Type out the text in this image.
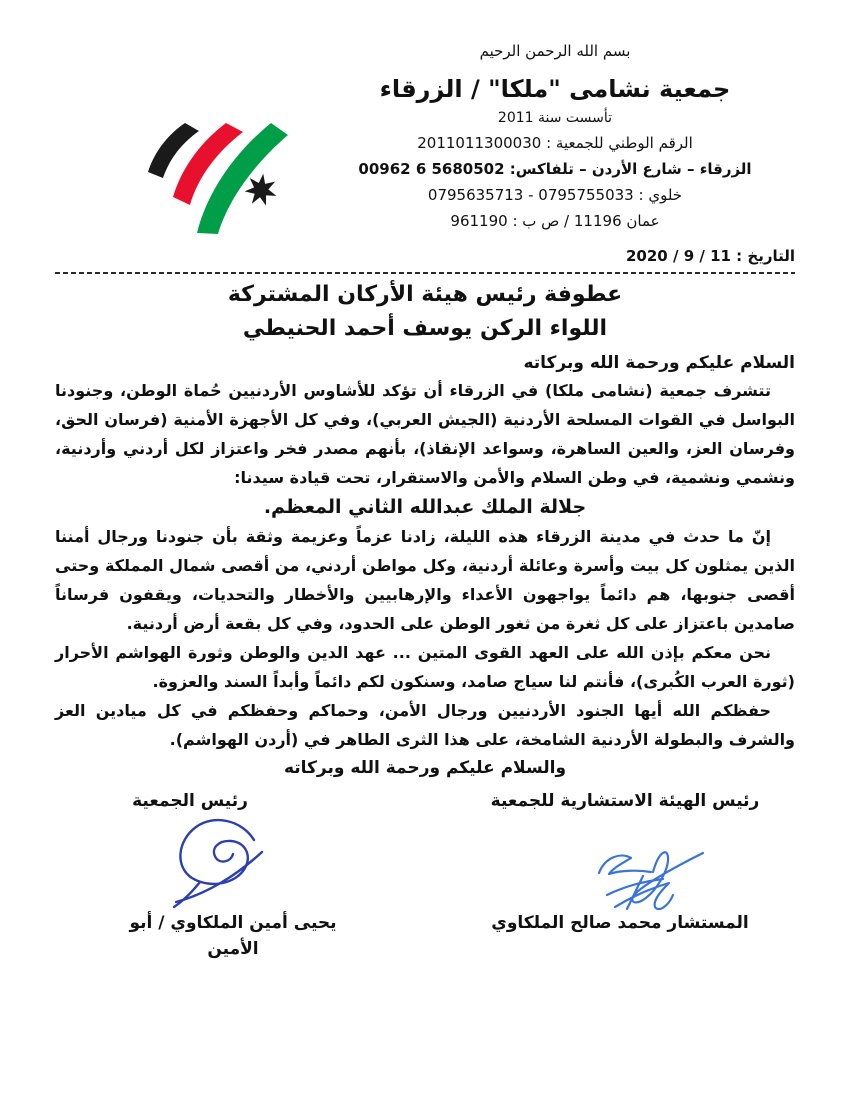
بسم الله الرحمن الرحيم
جمعية نشامى "ملكا" / الزرقاء
تأسست سنة 2011
الرقم الوطني للجمعية : 2011011300030
الزرقاء – شارع الأردن – تلفاكس: 00962 6 5680502
خلوي : 0795635713 - 0795755033
عمان 11196 / ص ب : 961190
التاريخ : 11 / 9 / 2020
عطوفة رئيس هيئة الأركان المشتركة
اللواء الركن يوسف أحمد الحنيطي
السلام عليكم ورحمة الله وبركاته

تتشرف جمعية (نشامى ملكا) في الزرقاء أن تؤكد للأشاوس الأردنيين حُماة الوطن، وجنودنا البواسل في القوات المسلحة الأردنية (الجيش العربي)، وفي كل الأجهزة الأمنية (فرسان الحق، وفرسان العز، والعين الساهرة، وسواعد الإنقاذ)، بأنهم مصدر فخر واعتزاز لكل أردني وأردنية، ونشمي ونشمية، في وطن السلام والأمن والاستقرار، تحت قيادة سيدنا:

جلالة الملك عبدالله الثاني المعظم.

إنّ ما حدث في مدينة الزرقاء هذه الليلة، زادنا عزماً وعزيمة وثقة بأن جنودنا ورجال أمننا الذين يمثلون كل بيت وأسرة وعائلة أردنية، وكل مواطن أردني، من أقصى شمال المملكة وحتى أقصى جنوبها، هم دائماً يواجهون الأعداء والإرهابيين والأخطار والتحديات، ويقفون فرساناً صامدين باعتزاز على كل ثغرة من ثغور الوطن على الحدود، وفي كل بقعة أرض أردنية.

نحن معكم بإذن الله على العهد القوى المتين ... عهد الدين والوطن وثورة الهواشم الأحرار (ثورة العرب الكُبرى)، فأنتم لنا سياج صامد، وسنكون لكم دائماً وأبداً السند والعزوة.

حفظكم الله أيها الجنود الأردنيين ورجال الأمن، وحماكم وحفظكم في كل ميادين العز والشرف والبطولة الأردنية الشامخة، على هذا الثرى الطاهر في (أردن الهواشم).

والسلام عليكم ورحمة الله وبركاته
رئيس الهيئة الاستشارية للجمعية
رئيس الجمعية
المستشار محمد صالح الملكاوي
يحيى أمين الملكاوي / أبو الأمين
